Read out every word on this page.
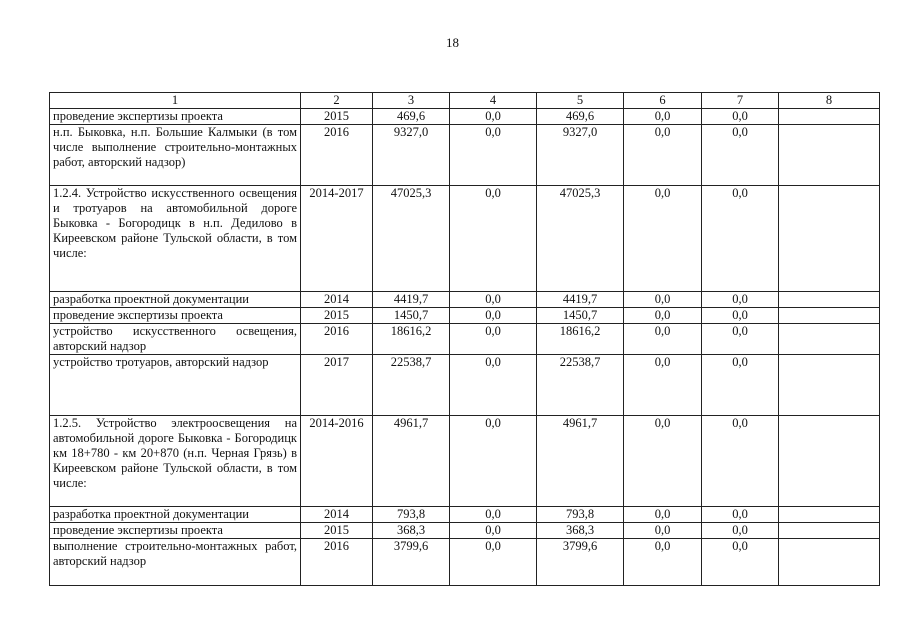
18
1	2	3	4	5	6	7	8
проведение экспертизы проекта	2015	469,6	0,0	469,6	0,0	0,0	
н.п. Быковка, н.п. Большие Калмыки (в том числе выполнение строительно-монтажных работ, авторский надзор)	2016	9327,0	0,0	9327,0	0,0	0,0	
1.2.4. Устройство искусственного освещения и тротуаров на автомобильной дороге Быковка - Богородицк в н.п. Дедилово в Киреевском районе Тульской области, в том числе:	2014-2017	47025,3	0,0	47025,3	0,0	0,0	
разработка проектной документации	2014	4419,7	0,0	4419,7	0,0	0,0	
проведение экспертизы проекта	2015	1450,7	0,0	1450,7	0,0	0,0	
устройство искусственного освещения, авторский надзор	2016	18616,2	0,0	18616,2	0,0	0,0	
устройство тротуаров, авторский надзор	2017	22538,7	0,0	22538,7	0,0	0,0	
1.2.5. Устройство электроосвещения на автомобильной дороге Быковка - Богородицк км 18+780 - км 20+870 (н.п. Черная Грязь) в Киреевском районе Тульской области, в том числе:	2014-2016	4961,7	0,0	4961,7	0,0	0,0	
разработка проектной документации	2014	793,8	0,0	793,8	0,0	0,0	
проведение экспертизы проекта	2015	368,3	0,0	368,3	0,0	0,0	
выполнение строительно-монтажных работ, авторский надзор	2016	3799,6	0,0	3799,6	0,0	0,0	
